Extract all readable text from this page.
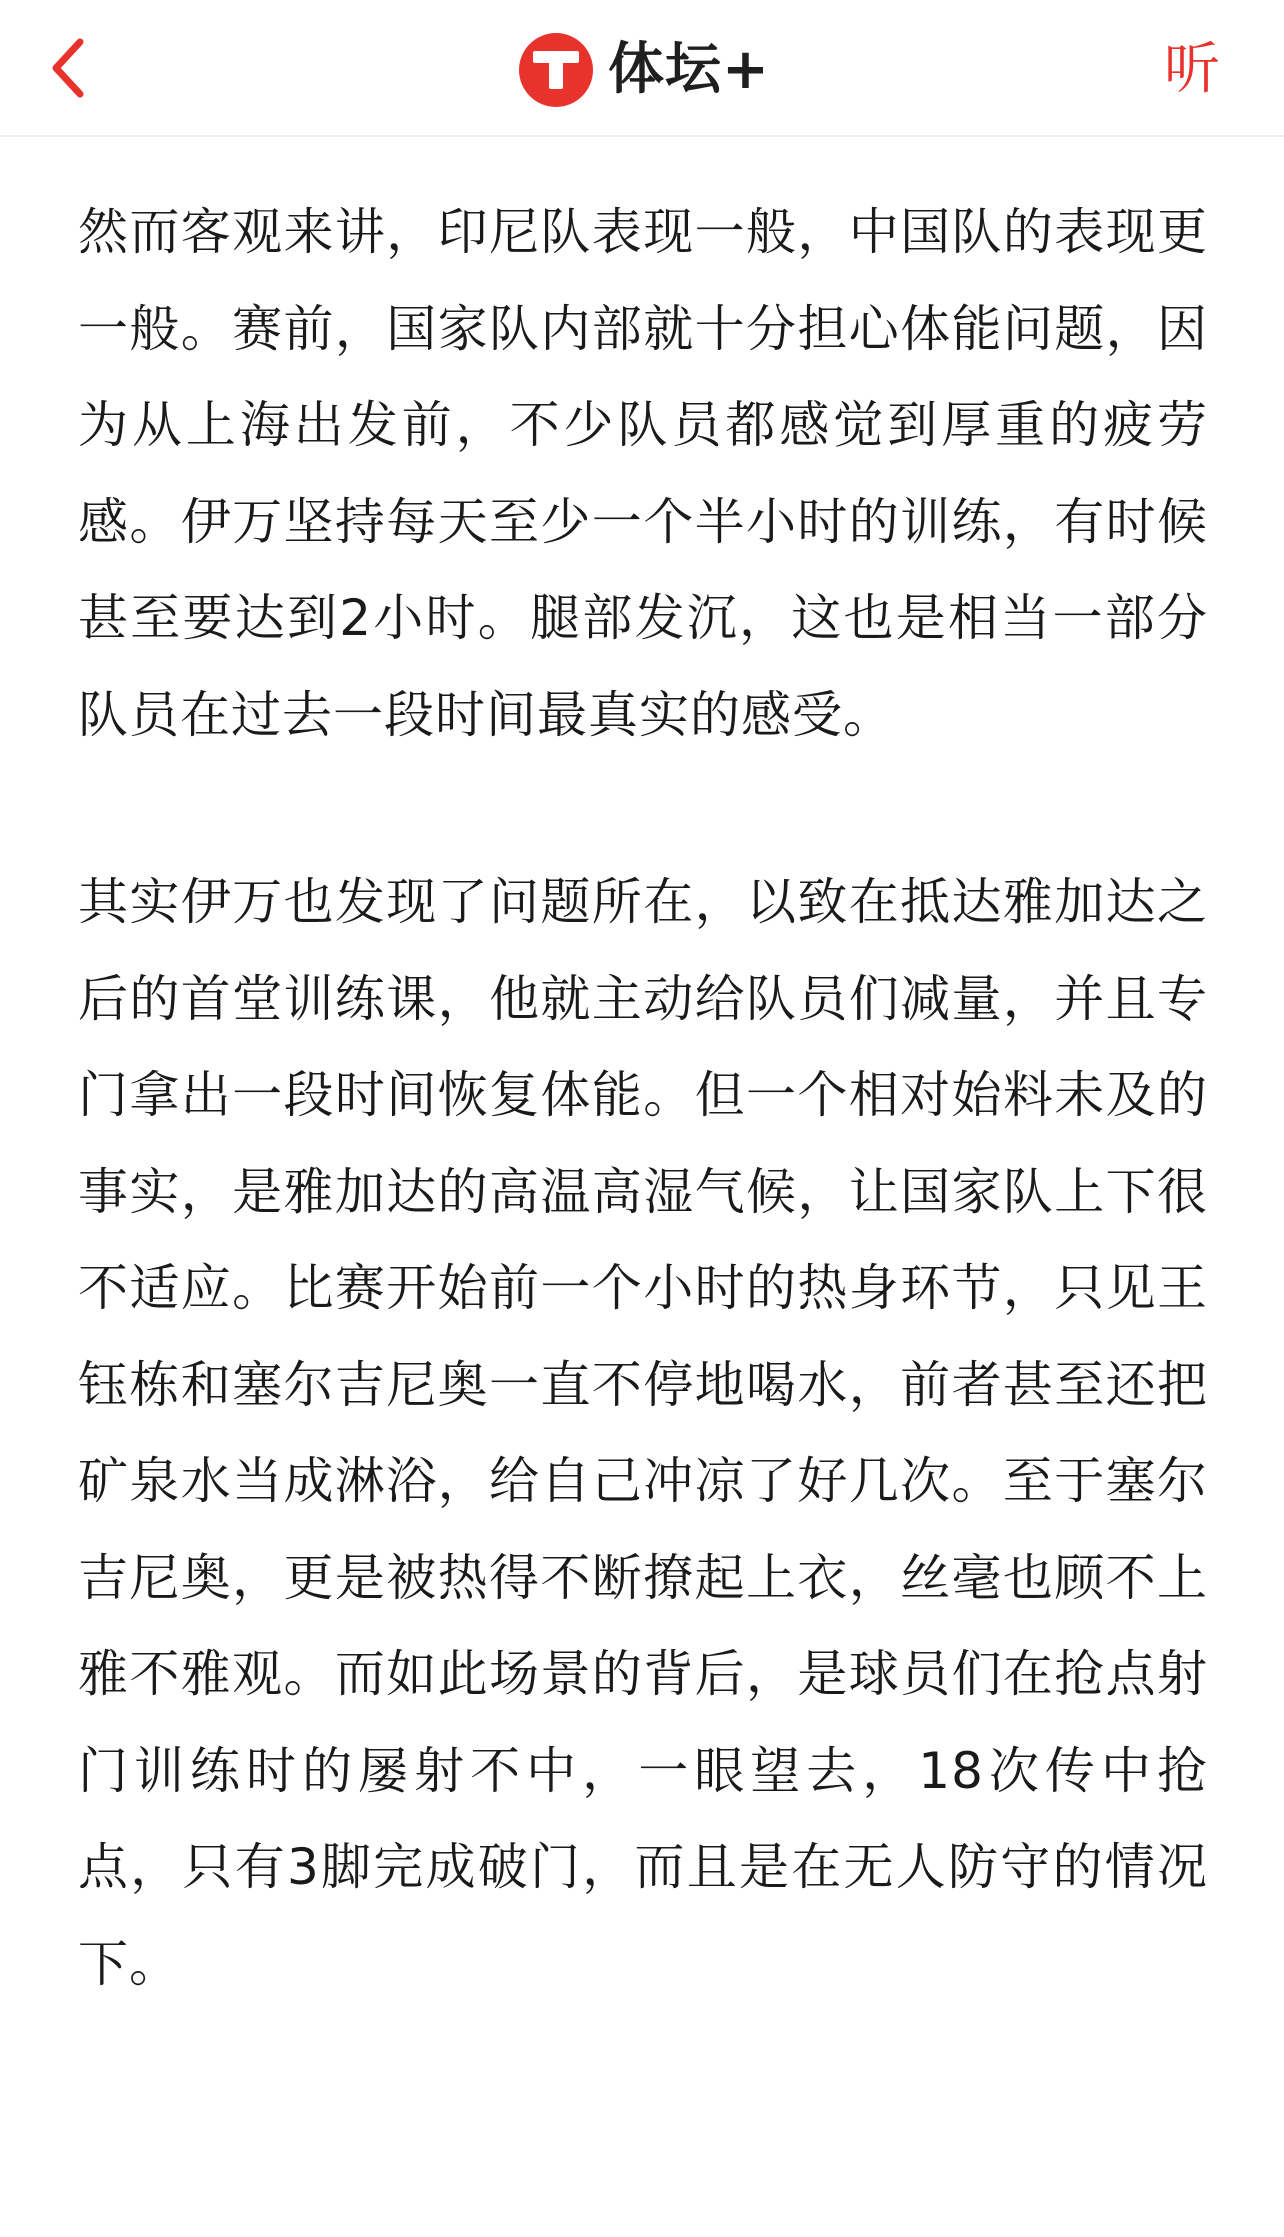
体坛+	听

然而客观来讲，印尼队表现一般，中国队的表现更一般。赛前，国家队内部就十分担心体能问题，因为从上海出发前，不少队员都感觉到厚重的疲劳感。伊万坚持每天至少一个半小时的训练，有时候甚至要达到2小时。腿部发沉，这也是相当一部分队员在过去一段时间最真实的感受。

其实伊万也发现了问题所在，以致在抵达雅加达之后的首堂训练课，他就主动给队员们减量，并且专门拿出一段时间恢复体能。但一个相对始料未及的事实，是雅加达的高温高湿气候，让国家队上下很不适应。比赛开始前一个小时的热身环节，只见王钰栋和塞尔吉尼奥一直不停地喝水，前者甚至还把矿泉水当成淋浴，给自己冲凉了好几次。至于塞尔吉尼奥，更是被热得不断撩起上衣，丝毫也顾不上雅不雅观。而如此场景的背后，是球员们在抢点射门训练时的屡射不中，一眼望去，18次传中抢点，只有3脚完成破门，而且是在无人防守的情况下。
